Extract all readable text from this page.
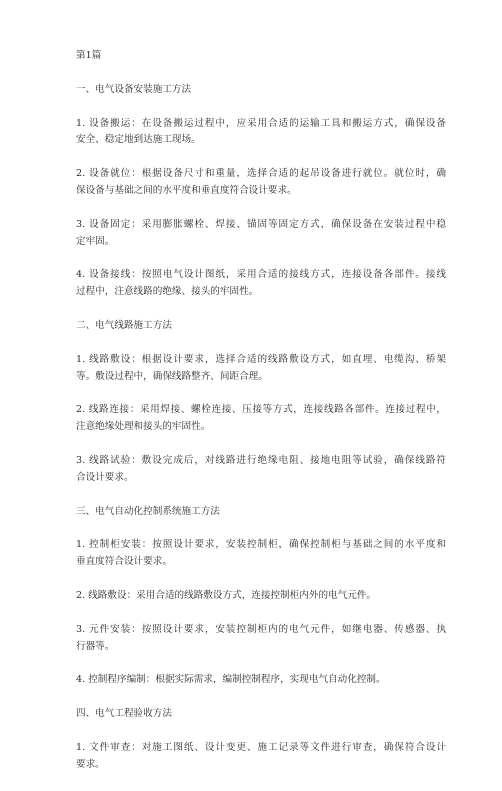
第1篇
一、电气设备安装施工方法
1. 设备搬运：在设备搬运过程中，应采用合适的运输工具和搬运方式，确保设备
安全、稳定地到达施工现场。
2. 设备就位：根据设备尺寸和重量，选择合适的起吊设备进行就位。就位时，确
保设备与基础之间的水平度和垂直度符合设计要求。
3. 设备固定：采用膨胀螺栓、焊接、锚固等固定方式，确保设备在安装过程中稳
定牢固。
4. 设备接线：按照电气设计图纸，采用合适的接线方式，连接设备各部件。接线
过程中，注意线路的绝缘、接头的牢固性。
二、电气线路施工方法
1. 线路敷设：根据设计要求，选择合适的线路敷设方式，如直埋、电缆沟、桥架
等。敷设过程中，确保线路整齐、间距合理。
2. 线路连接：采用焊接、螺栓连接、压接等方式，连接线路各部件。连接过程中，
注意绝缘处理和接头的牢固性。
3. 线路试验：敷设完成后，对线路进行绝缘电阻、接地电阻等试验，确保线路符
合设计要求。
三、电气自动化控制系统施工方法
1. 控制柜安装：按照设计要求，安装控制柜，确保控制柜与基础之间的水平度和
垂直度符合设计要求。
2. 线路敷设：采用合适的线路敷设方式，连接控制柜内外的电气元件。
3. 元件安装：按照设计要求，安装控制柜内的电气元件，如继电器、传感器、执
行器等。
4. 控制程序编制：根据实际需求，编制控制程序，实现电气自动化控制。
四、电气工程验收方法
1. 文件审查：对施工图纸、设计变更、施工记录等文件进行审查，确保符合设计
要求。
